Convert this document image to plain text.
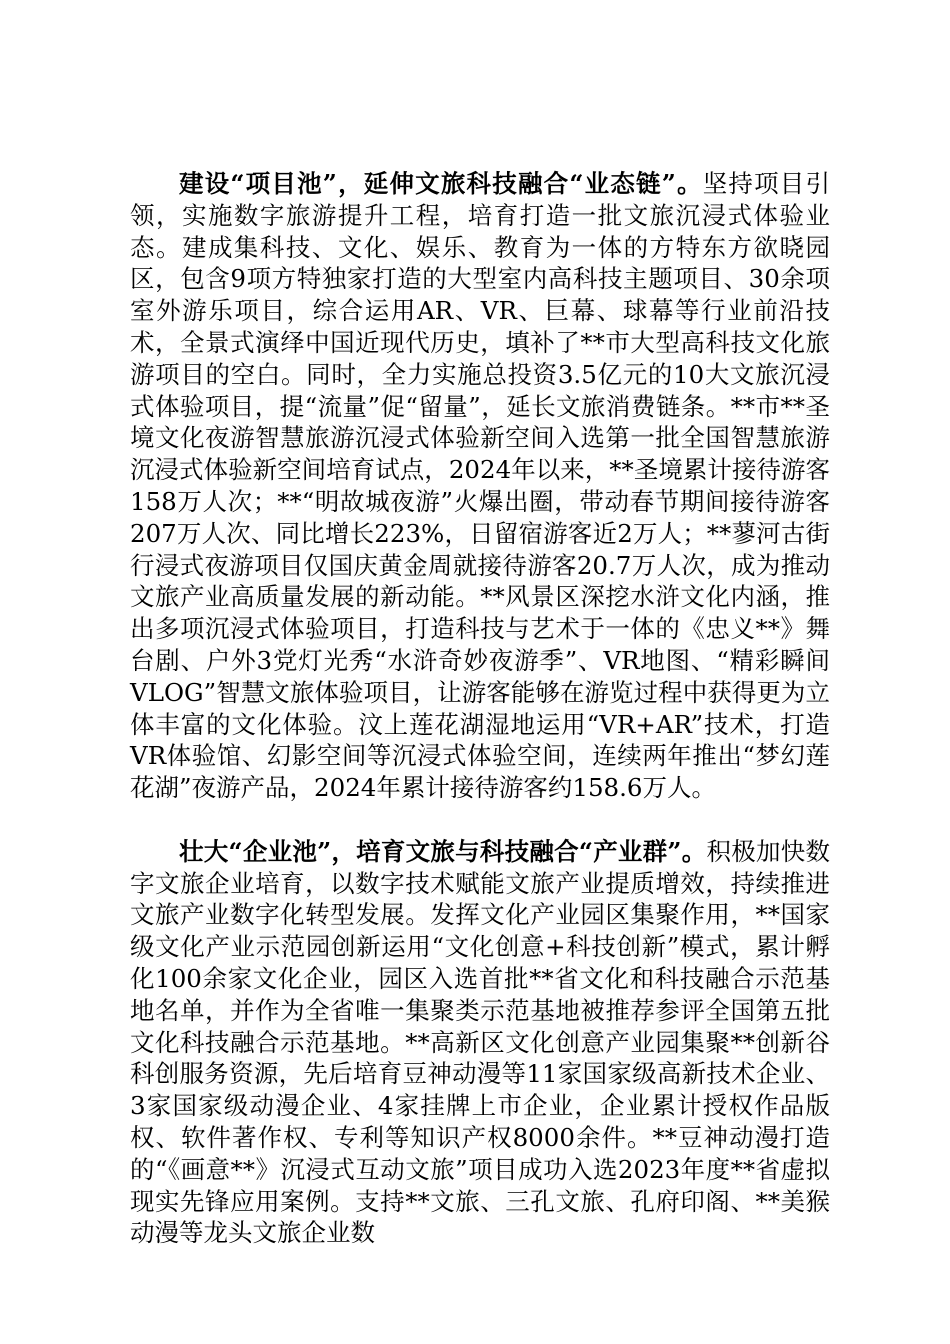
建设“项目池”，延伸文旅科技融合“业态链”。坚持项目引领，实施数字旅游提升工程，培育打造一批文旅沉浸式体验业态。建成集科技、文化、娱乐、教育为一体的方特东方欲晓园区，包含9项方特独家打造的大型室内高科技主题项目、30余项室外游乐项目，综合运用AR、VR、巨幕、球幕等行业前沿技术，全景式演绎中国近现代历史，填补了**市大型高科技文化旅游项目的空白。同时，全力实施总投资3.5亿元的10大文旅沉浸式体验项目，提“流量”促“留量”，延长文旅消费链条。**市**圣境文化夜游智慧旅游沉浸式体验新空间入选第一批全国智慧旅游沉浸式体验新空间培育试点，2024年以来，**圣境累计接待游客158万人次；**“明故城夜游”火爆出圈，带动春节期间接待游客207万人次、同比增长223%，日留宿游客近2万人；**蓼河古街行浸式夜游项目仅国庆黄金周就接待游客20.7万人次，成为推动文旅产业高质量发展的新动能。**风景区深挖水浒文化内涵，推出多项沉浸式体验项目，打造科技与艺术于一体的《忠义**》舞台剧、户外3党灯光秀“水浒奇妙夜游季”、VR地图、“精彩瞬间VLOG”智慧文旅体验项目，让游客能够在游览过程中获得更为立体丰富的文化体验。汶上莲花湖湿地运用“VR+AR”技术，打造VR体验馆、幻影空间等沉浸式体验空间，连续两年推出“梦幻莲花湖”夜游产品，2024年累计接待游客约158.6万人。

壮大“企业池”，培育文旅与科技融合“产业群”。积极加快数字文旅企业培育，以数字技术赋能文旅产业提质增效，持续推进文旅产业数字化转型发展。发挥文化产业园区集聚作用，**国家级文化产业示范园创新运用“文化创意+科技创新”模式，累计孵化100余家文化企业，园区入选首批**省文化和科技融合示范基地名单，并作为全省唯一集聚类示范基地被推荐参评全国第五批文化科技融合示范基地。**高新区文化创意产业园集聚**创新谷科创服务资源，先后培育豆神动漫等11家国家级高新技术企业、3家国家级动漫企业、4家挂牌上市企业，企业累计授权作品版权、软件著作权、专利等知识产权8000余件。**豆神动漫打造的“《画意**》沉浸式互动文旅”项目成功入选2023年度**省虚拟现实先锋应用案例。支持**文旅、三孔文旅、孔府印阁、**美猴动漫等龙头文旅企业数
